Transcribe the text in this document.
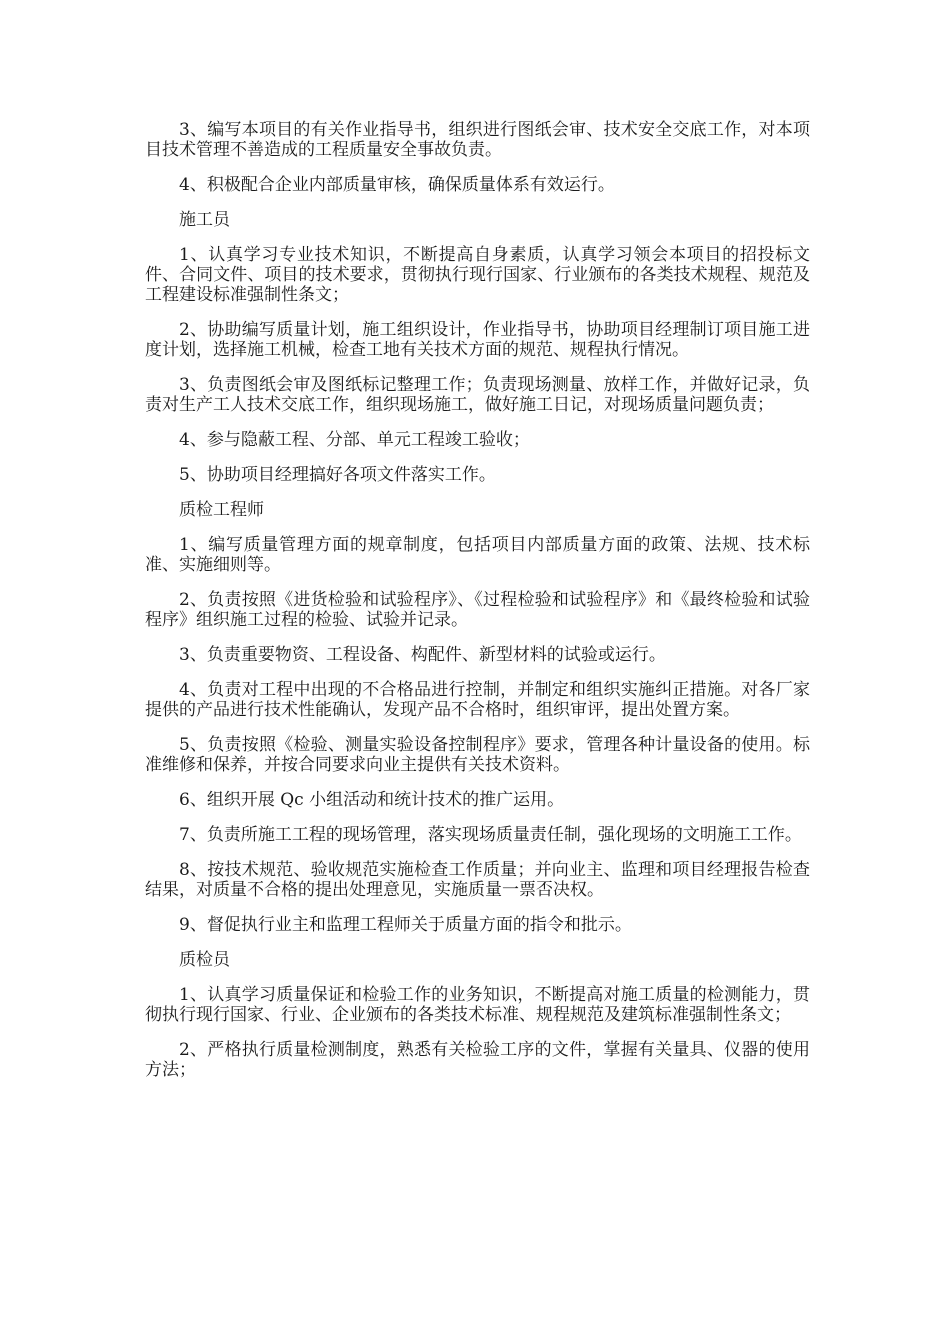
3、编写本项目的有关作业指导书，组织进行图纸会审、技术安全交底工作，对本项目技术管理不善造成的工程质量安全事故负责。

4、积极配合企业内部质量审核，确保质量体系有效运行。

施工员

1、认真学习专业技术知识，不断提高自身素质，认真学习领会本项目的招投标文件、合同文件、项目的技术要求，贯彻执行现行国家、行业颁布的各类技术规程、规范及工程建设标准强制性条文；

2、协助编写质量计划，施工组织设计，作业指导书，协助项目经理制订项目施工进度计划，选择施工机械，检查工地有关技术方面的规范、规程执行情况。

3、负责图纸会审及图纸标记整理工作；负责现场测量、放样工作，并做好记录，负责对生产工人技术交底工作，组织现场施工，做好施工日记，对现场质量问题负责；

4、参与隐蔽工程、分部、单元工程竣工验收；

5、协助项目经理搞好各项文件落实工作。

质检工程师

1、编写质量管理方面的规章制度，包括项目内部质量方面的政策、法规、技术标准、实施细则等。

2、负责按照《进货检验和试验程序》、《过程检验和试验程序》和《最终检验和试验程序》组织施工过程的检验、试验并记录。

3、负责重要物资、工程设备、构配件、新型材料的试验或运行。

4、负责对工程中出现的不合格品进行控制，并制定和组织实施纠正措施。对各厂家提供的产品进行技术性能确认，发现产品不合格时，组织审评，提出处置方案。

5、负责按照《检验、测量实验设备控制程序》要求，管理各种计量设备的使用。标准维修和保养，并按合同要求向业主提供有关技术资料。

6、组织开展 Qc 小组活动和统计技术的推广运用。

7、负责所施工工程的现场管理，落实现场质量责任制，强化现场的文明施工工作。

8、按技术规范、验收规范实施检查工作质量；并向业主、监理和项目经理报告检查结果，对质量不合格的提出处理意见，实施质量一票否决权。

9、督促执行业主和监理工程师关于质量方面的指令和批示。

质检员

1、认真学习质量保证和检验工作的业务知识，不断提高对施工质量的检测能力，贯彻执行现行国家、行业、企业颁布的各类技术标准、规程规范及建筑标准强制性条文；

2、严格执行质量检测制度，熟悉有关检验工序的文件，掌握有关量具、仪器的使用方法；
